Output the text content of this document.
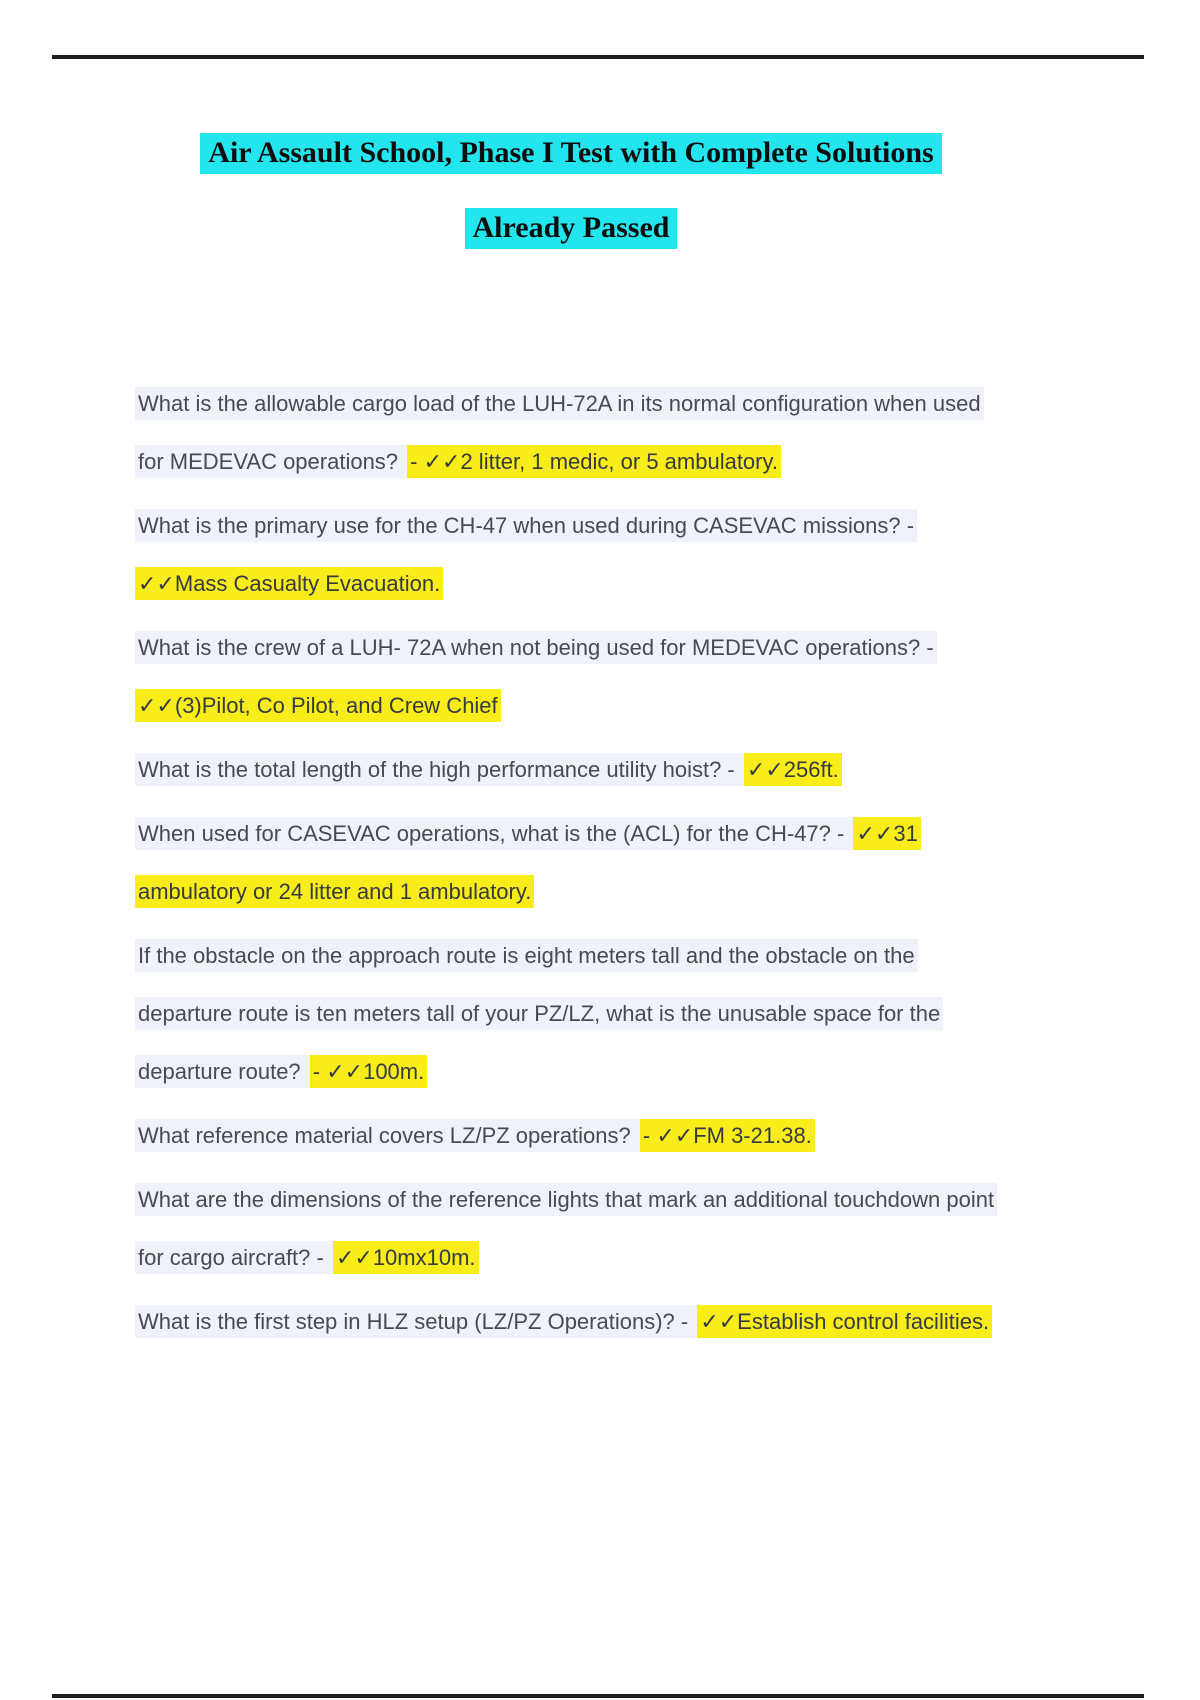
Air Assault School, Phase I Test with Complete Solutions
Already Passed

What is the allowable cargo load of the LUH-72A in its normal configuration when used
for MEDEVAC operations? - ✓✓2 litter, 1 medic, or 5 ambulatory.

What is the primary use for the CH-47 when used during CASEVAC missions? -
✓✓Mass Casualty Evacuation.

What is the crew of a LUH- 72A when not being used for MEDEVAC operations? -
✓✓(3)Pilot, Co Pilot, and Crew Chief

What is the total length of the high performance utility hoist? - ✓✓256ft.

When used for CASEVAC operations, what is the (ACL) for the CH-47? - ✓✓31
ambulatory or 24 litter and 1 ambulatory.

If the obstacle on the approach route is eight meters tall and the obstacle on the
departure route is ten meters tall of your PZ/LZ, what is the unusable space for the
departure route? - ✓✓100m.

What reference material covers LZ/PZ operations? - ✓✓FM 3-21.38.

What are the dimensions of the reference lights that mark an additional touchdown point
for cargo aircraft? - ✓✓10mx10m.

What is the first step in HLZ setup (LZ/PZ Operations)? - ✓✓Establish control facilities.
